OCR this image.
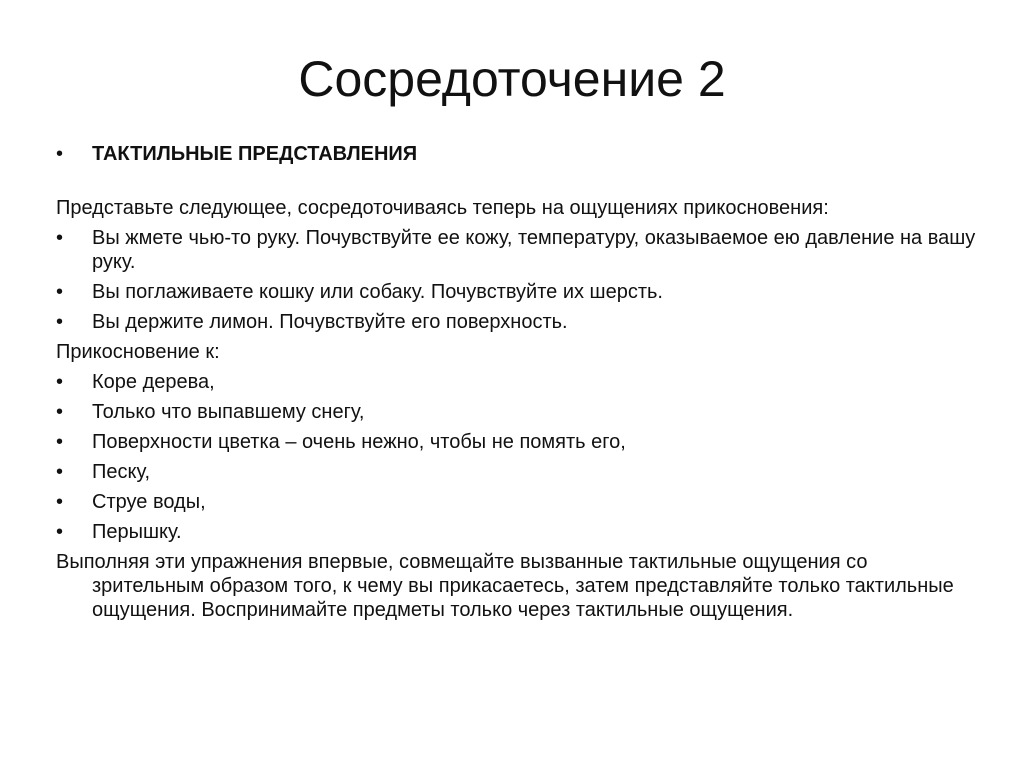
Сосредоточение 2
•	ТАКТИЛЬНЫЕ ПРЕДСТАВЛЕНИЯ
Представьте следующее, сосредоточиваясь теперь на ощущениях прикосновения:
•	Вы жмете чью-то руку. Почувствуйте ее кожу, температуру, оказываемое ею давление на вашу руку.
•	Вы поглаживаете кошку или собаку. Почувствуйте их шерсть.
•	Вы держите лимон. Почувствуйте его поверхность.
Прикосновение к:
•	Коре дерева,
•	Только что выпавшему снегу,
•	Поверхности цветка – очень нежно, чтобы не помять его,
•	Песку,
•	Струе воды,
•	Перышку.
Выполняя эти упражнения впервые, совмещайте вызванные тактильные ощущения со зрительным образом того, к чему вы прикасаетесь, затем представляйте только тактильные ощущения. Воспринимайте предметы только через тактильные ощущения.
